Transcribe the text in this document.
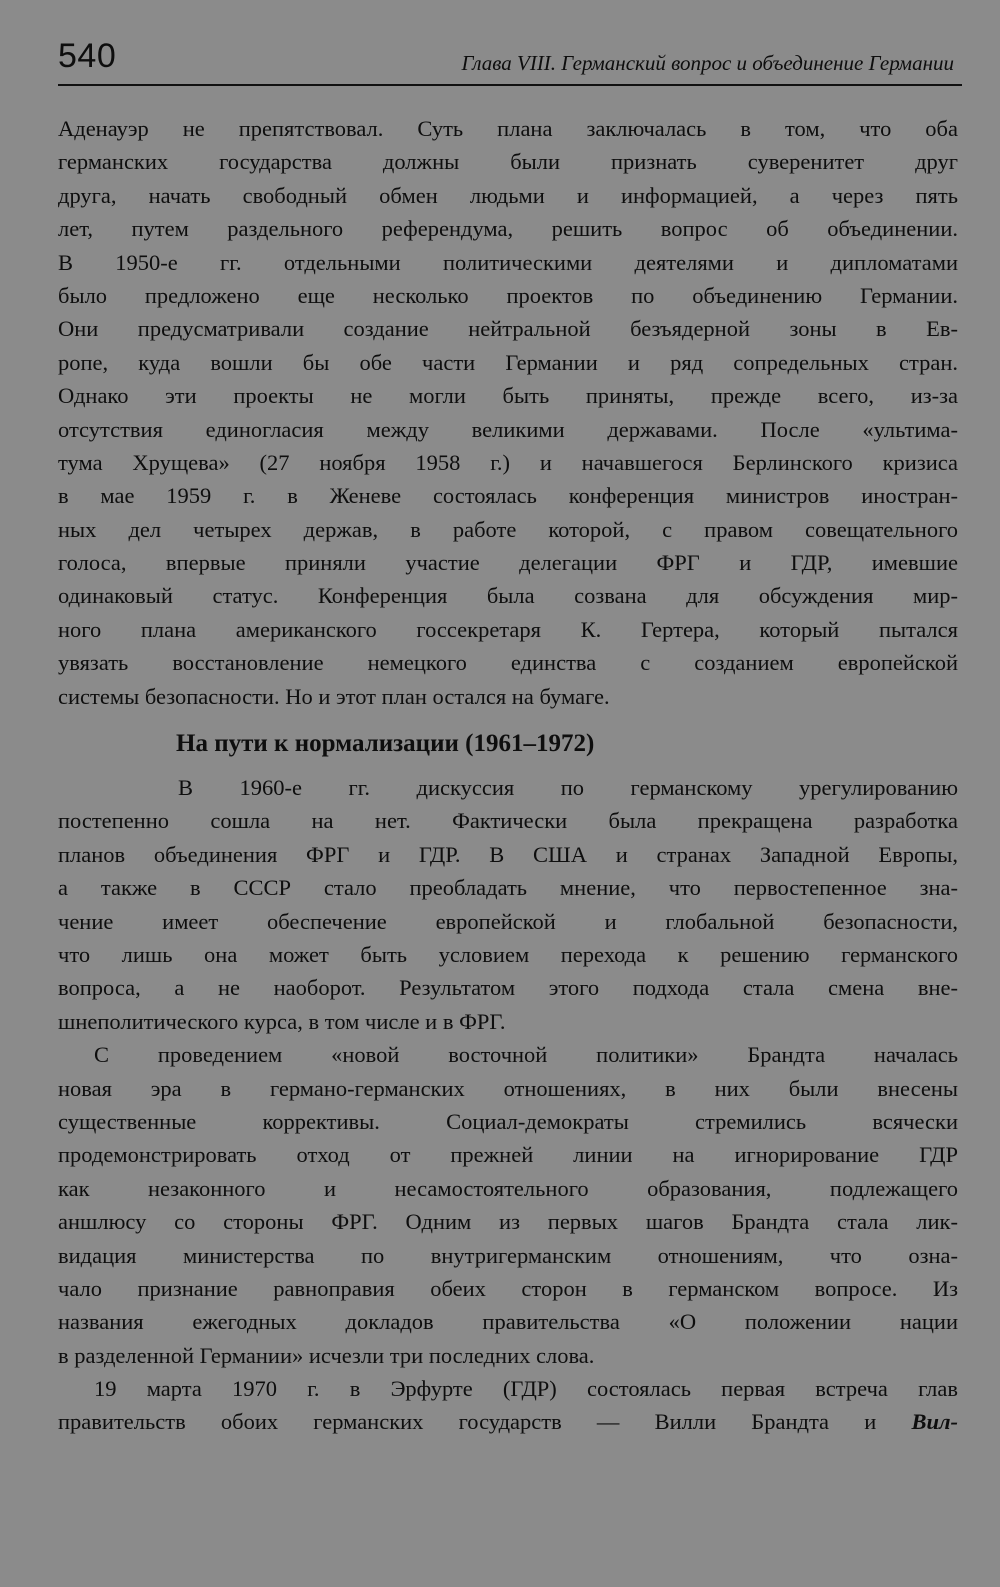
540	Глава VIII. Германский вопрос и объединение Германии
Аденауэр не препятствовал. Суть плана заключалась в том, что оба
германских государства должны были признать суверенитет друг
друга, начать свободный обмен людьми и информацией, а через пять
лет, путем раздельного референдума, решить вопрос об объединении.
В 1950-е гг. отдельными политическими деятелями и дипломатами
было предложено еще несколько проектов по объединению Германии.
Они предусматривали создание нейтральной безъядерной зоны в Ев-
ропе, куда вошли бы обе части Германии и ряд сопредельных стран.
Однако эти проекты не могли быть приняты, прежде всего, из-за
отсутствия единогласия между великими державами. После «ультима-
тума Хрущева» (27 ноября 1958 г.) и начавшегося Берлинского кризиса
в мае 1959 г. в Женеве состоялась конференция министров иностран-
ных дел четырех держав, в работе которой, с правом совещательного
голоса, впервые приняли участие делегации ФРГ и ГДР, имевшие
одинаковый статус. Конференция была созвана для обсуждения мир-
ного плана американского госсекретаря К. Гертера, который пытался
увязать восстановление немецкого единства с созданием европейской
системы безопасности. Но и этот план остался на бумаге.
На пути к нормализации (1961–1972)
В 1960-е гг. дискуссия по германскому урегулированию
постепенно сошла на нет. Фактически была прекращена разработка
планов объединения ФРГ и ГДР. В США и странах Западной Европы,
а также в СССР стало преобладать мнение, что первостепенное зна-
чение имеет обеспечение европейской и глобальной безопасности,
что лишь она может быть условием перехода к решению германского
вопроса, а не наоборот. Результатом этого подхода стала смена вне-
шнеполитического курса, в том числе и в ФРГ.
С проведением «новой восточной политики» Брандта началась
новая эра в германо-германских отношениях, в них были внесены
существенные коррективы. Социал-демократы стремились всячески
продемонстрировать отход от прежней линии на игнорирование ГДР
как незаконного и несамостоятельного образования, подлежащего
аншлюсу со стороны ФРГ. Одним из первых шагов Брандта стала лик-
видация министерства по внутригерманским отношениям, что озна-
чало признание равноправия обеих сторон в германском вопросе. Из
названия ежегодных докладов правительства «О положении нации
в разделенной Германии» исчезли три последних слова.
19 марта 1970 г. в Эрфурте (ГДР) состоялась первая встреча глав
правительств обоих германских государств — Вилли Брандта и Вил-
